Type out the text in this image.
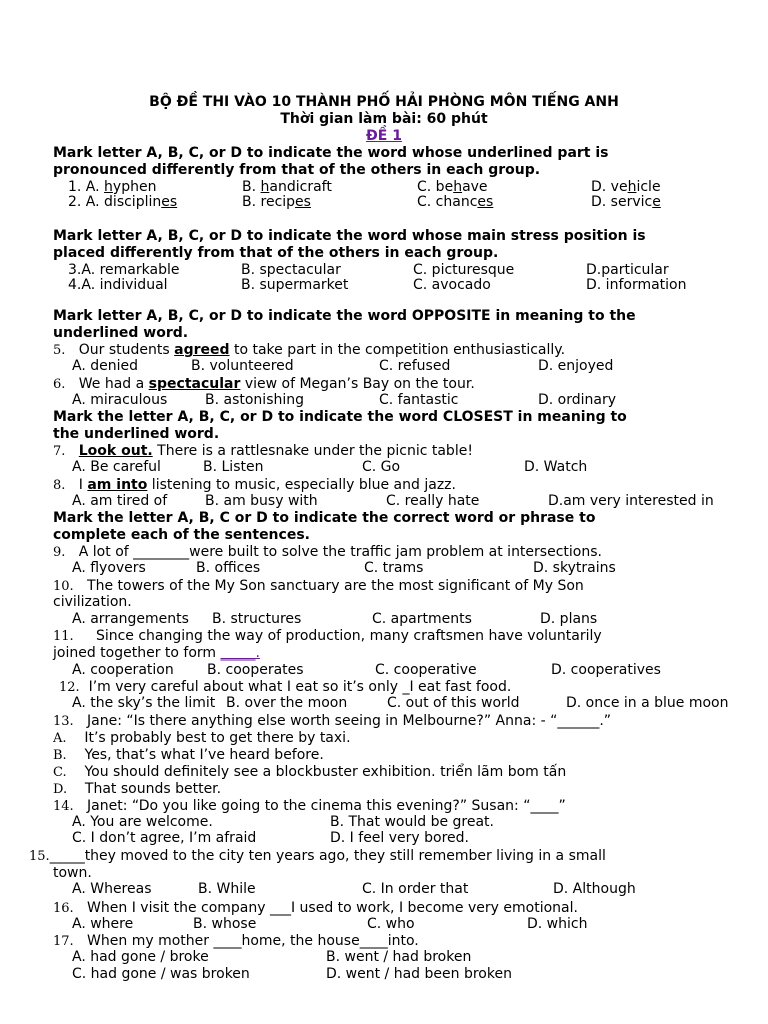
BỘ ĐỀ THI VÀO 10 THÀNH PHỐ HẢI PHÒNG MÔN TIẾNG ANH
Thời gian làm bài: 60 phút
ĐỀ 1
Mark letter A, B, C, or D to indicate the word whose underlined part is
pronounced differently from that of the others in each group.
1. A. hyphen	B. handicraft	C. behave	D. vehicle
2. A. disciplines	B. recipes	C. chances	D. service
Mark letter A, B, C, or D to indicate the word whose main stress position is
placed differently from that of the others in each group.
3.A. remarkable	B. spectacular	C. picturesque	D.particular
4.A. individual	B. supermarket	C. avocado	D. information
Mark letter A, B, C, or D to indicate the word OPPOSITE in meaning to the
underlined word.
5. Our students agreed to take part in the competition enthusiastically.
A. denied	B. volunteered	C. refused	D. enjoyed
6. We had a spectacular view of Megan’s Bay on the tour.
A. miraculous	B. astonishing	C. fantastic	D. ordinary
Mark the letter A, B, C, or D to indicate the word CLOSEST in meaning to
the underlined word.
7. Look out. There is a rattlesnake under the picnic table!
A. Be careful	B. Listen	C. Go	D. Watch
8. I am into listening to music, especially blue and jazz.
A. am tired of	B. am busy with	C. really hate	D.am very interested in
Mark the letter A, B, C or D to indicate the correct word or phrase to
complete each of the sentences.
9. A lot of ________were built to solve the traffic jam problem at intersections.
A. flyovers	B. offices	C. trams	D. skytrains
10. The towers of the My Son sanctuary are the most significant of My Son
civilization.
A. arrangements B. structures	C. apartments	D. plans
11. Since changing the way of production, many craftsmen have voluntarily
joined together to form _____.
A. cooperation B. cooperates	C. cooperative	D. cooperatives
12. I’m very careful about what I eat so it’s only _I eat fast food.
A. the sky’s the limit B. over the moon	C. out of this world	D. once in a blue moon
13. Jane: “Is there anything else worth seeing in Melbourne?” Anna: - “______.”
A. It’s probably best to get there by taxi.
B. Yes, that’s what I’ve heard before.
C. You should definitely see a blockbuster exhibition. triển lãm bom tấn
D. That sounds better.
14. Janet: “Do you like going to the cinema this evening?” Susan: “____”
A. You are welcome.	B. That would be great.
C. I don’t agree, I’m afraid	D. I feel very bored.
15._____they moved to the city ten years ago, they still remember living in a small
town.
A. Whereas	B. While	C. In order that	D. Although
16. When I visit the company ___I used to work, I become very emotional.
A. where	B. whose	C. who	D. which
17. When my mother ____home, the house____into.
A. had gone / broke	B. went / had broken
C. had gone / was broken	D. went / had been broken
